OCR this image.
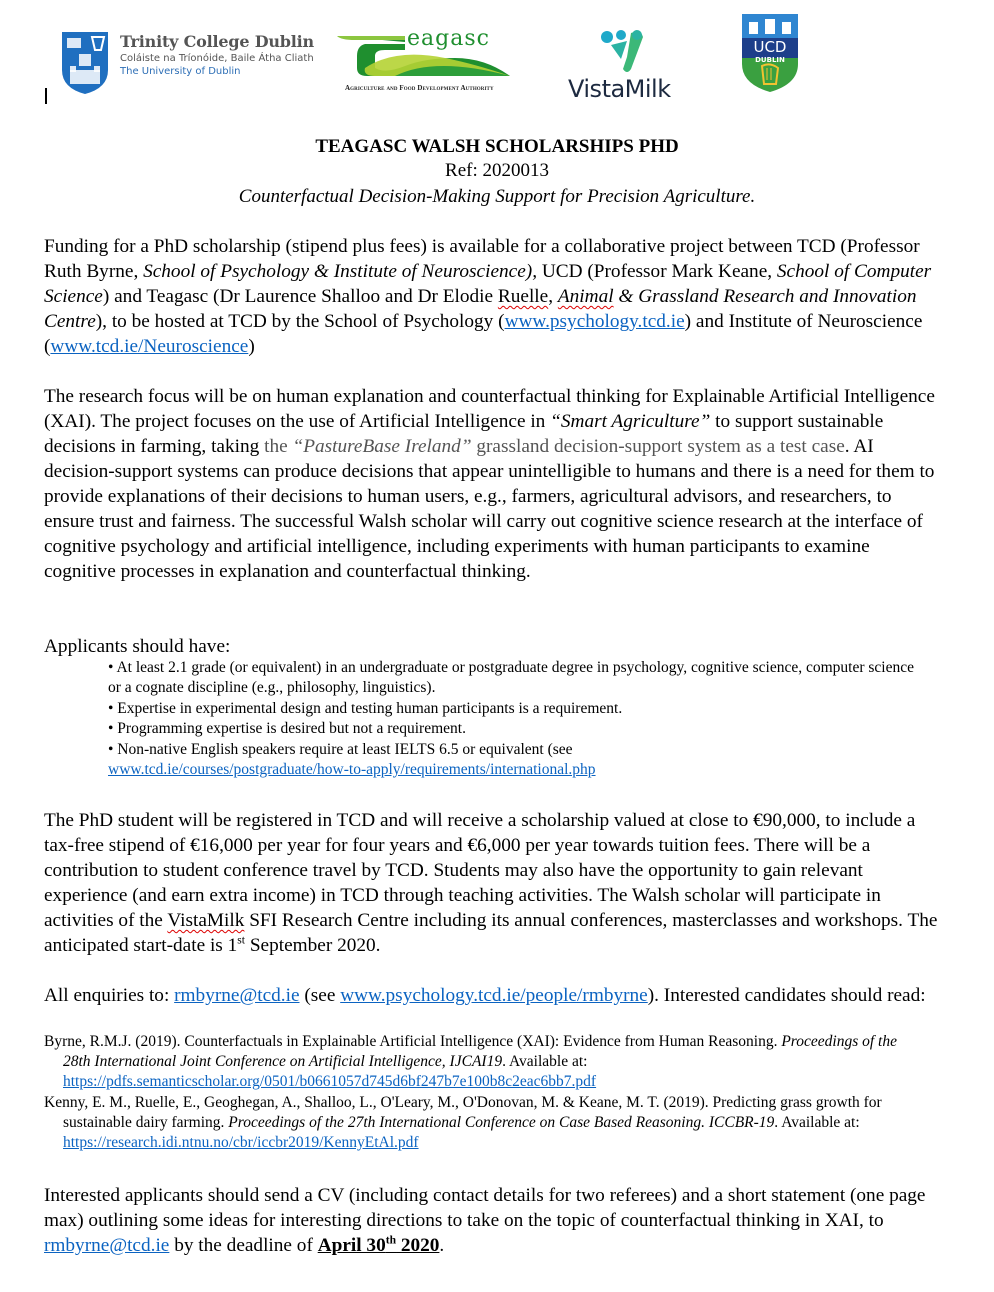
Trinity College Dublin
Coláiste na Tríonóide, Baile Átha Cliath
The University of Dublin
eagasc
Agriculture and Food Development Authority	VistaMilk
UCD
DUBLIN
TEAGASC WALSH SCHOLARSHIPS PHD
Ref: 2020013
Counterfactual Decision-Making Support for Precision Agriculture.
Funding for a PhD scholarship (stipend plus fees) is available for a collaborative project between TCD (Professor Ruth Byrne, School of Psychology & Institute of Neuroscience), UCD (Professor Mark Keane, School of Computer Science) and Teagasc (Dr Laurence Shalloo and Dr Elodie Ruelle, Animal & Grassland Research and Innovation Centre), to be hosted at TCD by the School of Psychology (www.psychology.tcd.ie) and Institute of Neuroscience (www.tcd.ie/Neuroscience)
The research focus will be on human explanation and counterfactual thinking for Explainable Artificial Intelligence (XAI). The project focuses on the use of Artificial Intelligence in “Smart Agriculture” to support sustainable decisions in farming, taking the “PastureBase Ireland” grassland decision-support system as a test case. AI decision-support systems can produce decisions that appear unintelligible to humans and there is a need for them to provide explanations of their decisions to human users, e.g., farmers, agricultural advisors, and researchers, to ensure trust and fairness. The successful Walsh scholar will carry out cognitive science research at the interface of cognitive psychology and artificial intelligence, including experiments with human participants to examine cognitive processes in explanation and counterfactual thinking.
Applicants should have:
• At least 2.1 grade (or equivalent) in an undergraduate or postgraduate degree in psychology, cognitive science, computer science or a cognate discipline (e.g., philosophy, linguistics).
• Expertise in experimental design and testing human participants is a requirement.
• Programming expertise is desired but not a requirement.
• Non-native English speakers require at least IELTS 6.5 or equivalent (see
www.tcd.ie/courses/postgraduate/how-to-apply/requirements/international.php
The PhD student will be registered in TCD and will receive a scholarship valued at close to €90,000, to include a tax-free stipend of €16,000 per year for four years and €6,000 per year towards tuition fees. There will be a contribution to student conference travel by TCD. Students may also have the opportunity to gain relevant experience (and earn extra income) in TCD through teaching activities. The Walsh scholar will participate in activities of the VistaMilk SFI Research Centre including its annual conferences, masterclasses and workshops. The anticipated start-date is 1st September 2020.
All enquiries to: rmbyrne@tcd.ie (see www.psychology.tcd.ie/people/rmbyrne). Interested candidates should read:
Byrne, R.M.J. (2019). Counterfactuals in Explainable Artificial Intelligence (XAI): Evidence from Human Reasoning. Proceedings of the 28th International Joint Conference on Artificial Intelligence, IJCAI19. Available at: https://pdfs.semanticscholar.org/0501/b0661057d745d6bf247b7e100b8c2eac6bb7.pdf
Kenny, E. M., Ruelle, E., Geoghegan, A., Shalloo, L., O'Leary, M., O'Donovan, M. & Keane, M. T. (2019). Predicting grass growth for sustainable dairy farming. Proceedings of the 27th International Conference on Case Based Reasoning. ICCBR-19. Available at: https://research.idi.ntnu.no/cbr/iccbr2019/KennyEtAl.pdf
Interested applicants should send a CV (including contact details for two referees) and a short statement (one page max) outlining some ideas for interesting directions to take on the topic of counterfactual thinking in XAI, to rmbyrne@tcd.ie by the deadline of April 30th 2020.
